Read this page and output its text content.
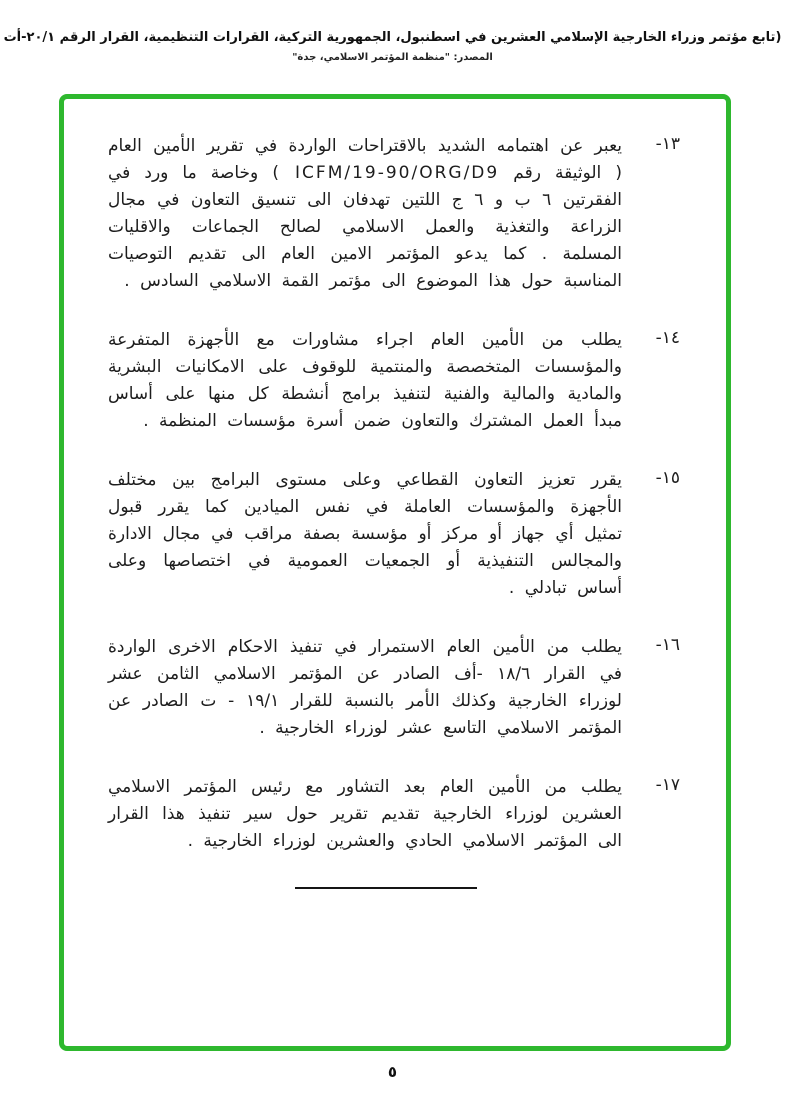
(تابع مؤتمر وزراء الخارجية الإسلامي العشرين في اسطنبول، الجمهورية التركية، القرارات التنظيمية، القرار الرقم ٢٠/١-أت
المصدر: "منظمة المؤتمر الاسلامي، جدة"
١٣-
يعبر عن اهتمامه الشديد بالاقتراحات الواردة في تقرير الأمين العام ( الوثيقة رقم ICFM/19-90/ORG/D9 ) وخاصة ما ورد في الفقرتين ٦ ب و ٦ ج اللتين تهدفان الى تنسيق التعاون في مجال الزراعة والتغذية والعمل الاسلامي لصالح الجماعات والاقليات المسلمة . كما يدعو المؤتمر الامين العام الى تقديم التوصيات المناسبة حول هذا الموضوع الى مؤتمر القمة الاسلامي السادس .
١٤-
يطلب من الأمين العام اجراء مشاورات مع الأجهزة المتفرعة والمؤسسات المتخصصة والمنتمية للوقوف على الامكانيات البشرية والمادية والمالية والفنية لتنفيذ برامج أنشطة كل منها على أساس مبدأ العمل المشترك والتعاون ضمن أسرة مؤسسات المنظمة .
١٥-
يقرر تعزيز التعاون القطاعي وعلى مستوى البرامج بين مختلف الأجهزة والمؤسسات العاملة في نفس الميادين كما يقرر قبول تمثيل أي جهاز أو مركز أو مؤسسة بصفة مراقب في مجال الادارة والمجالس التنفيذية أو الجمعيات العمومية في اختصاصها وعلى أساس تبادلي .
١٦-
يطلب من الأمين العام الاستمرار في تنفيذ الاحكام الاخرى الواردة في القرار ١٨/٦ -أف الصادر عن المؤتمر الاسلامي الثامن عشر لوزراء الخارجية وكذلك الأمر بالنسبة للقرار ١٩/١ - ت الصادر عن المؤتمر الاسلامي التاسع عشر لوزراء الخارجية .
١٧-
يطلب من الأمين العام بعد التشاور مع رئيس المؤتمر الاسلامي العشرين لوزراء الخارجية تقديم تقرير حول سير تنفيذ هذا القرار الى المؤتمر الاسلامي الحادي والعشرين لوزراء الخارجية .
٥
